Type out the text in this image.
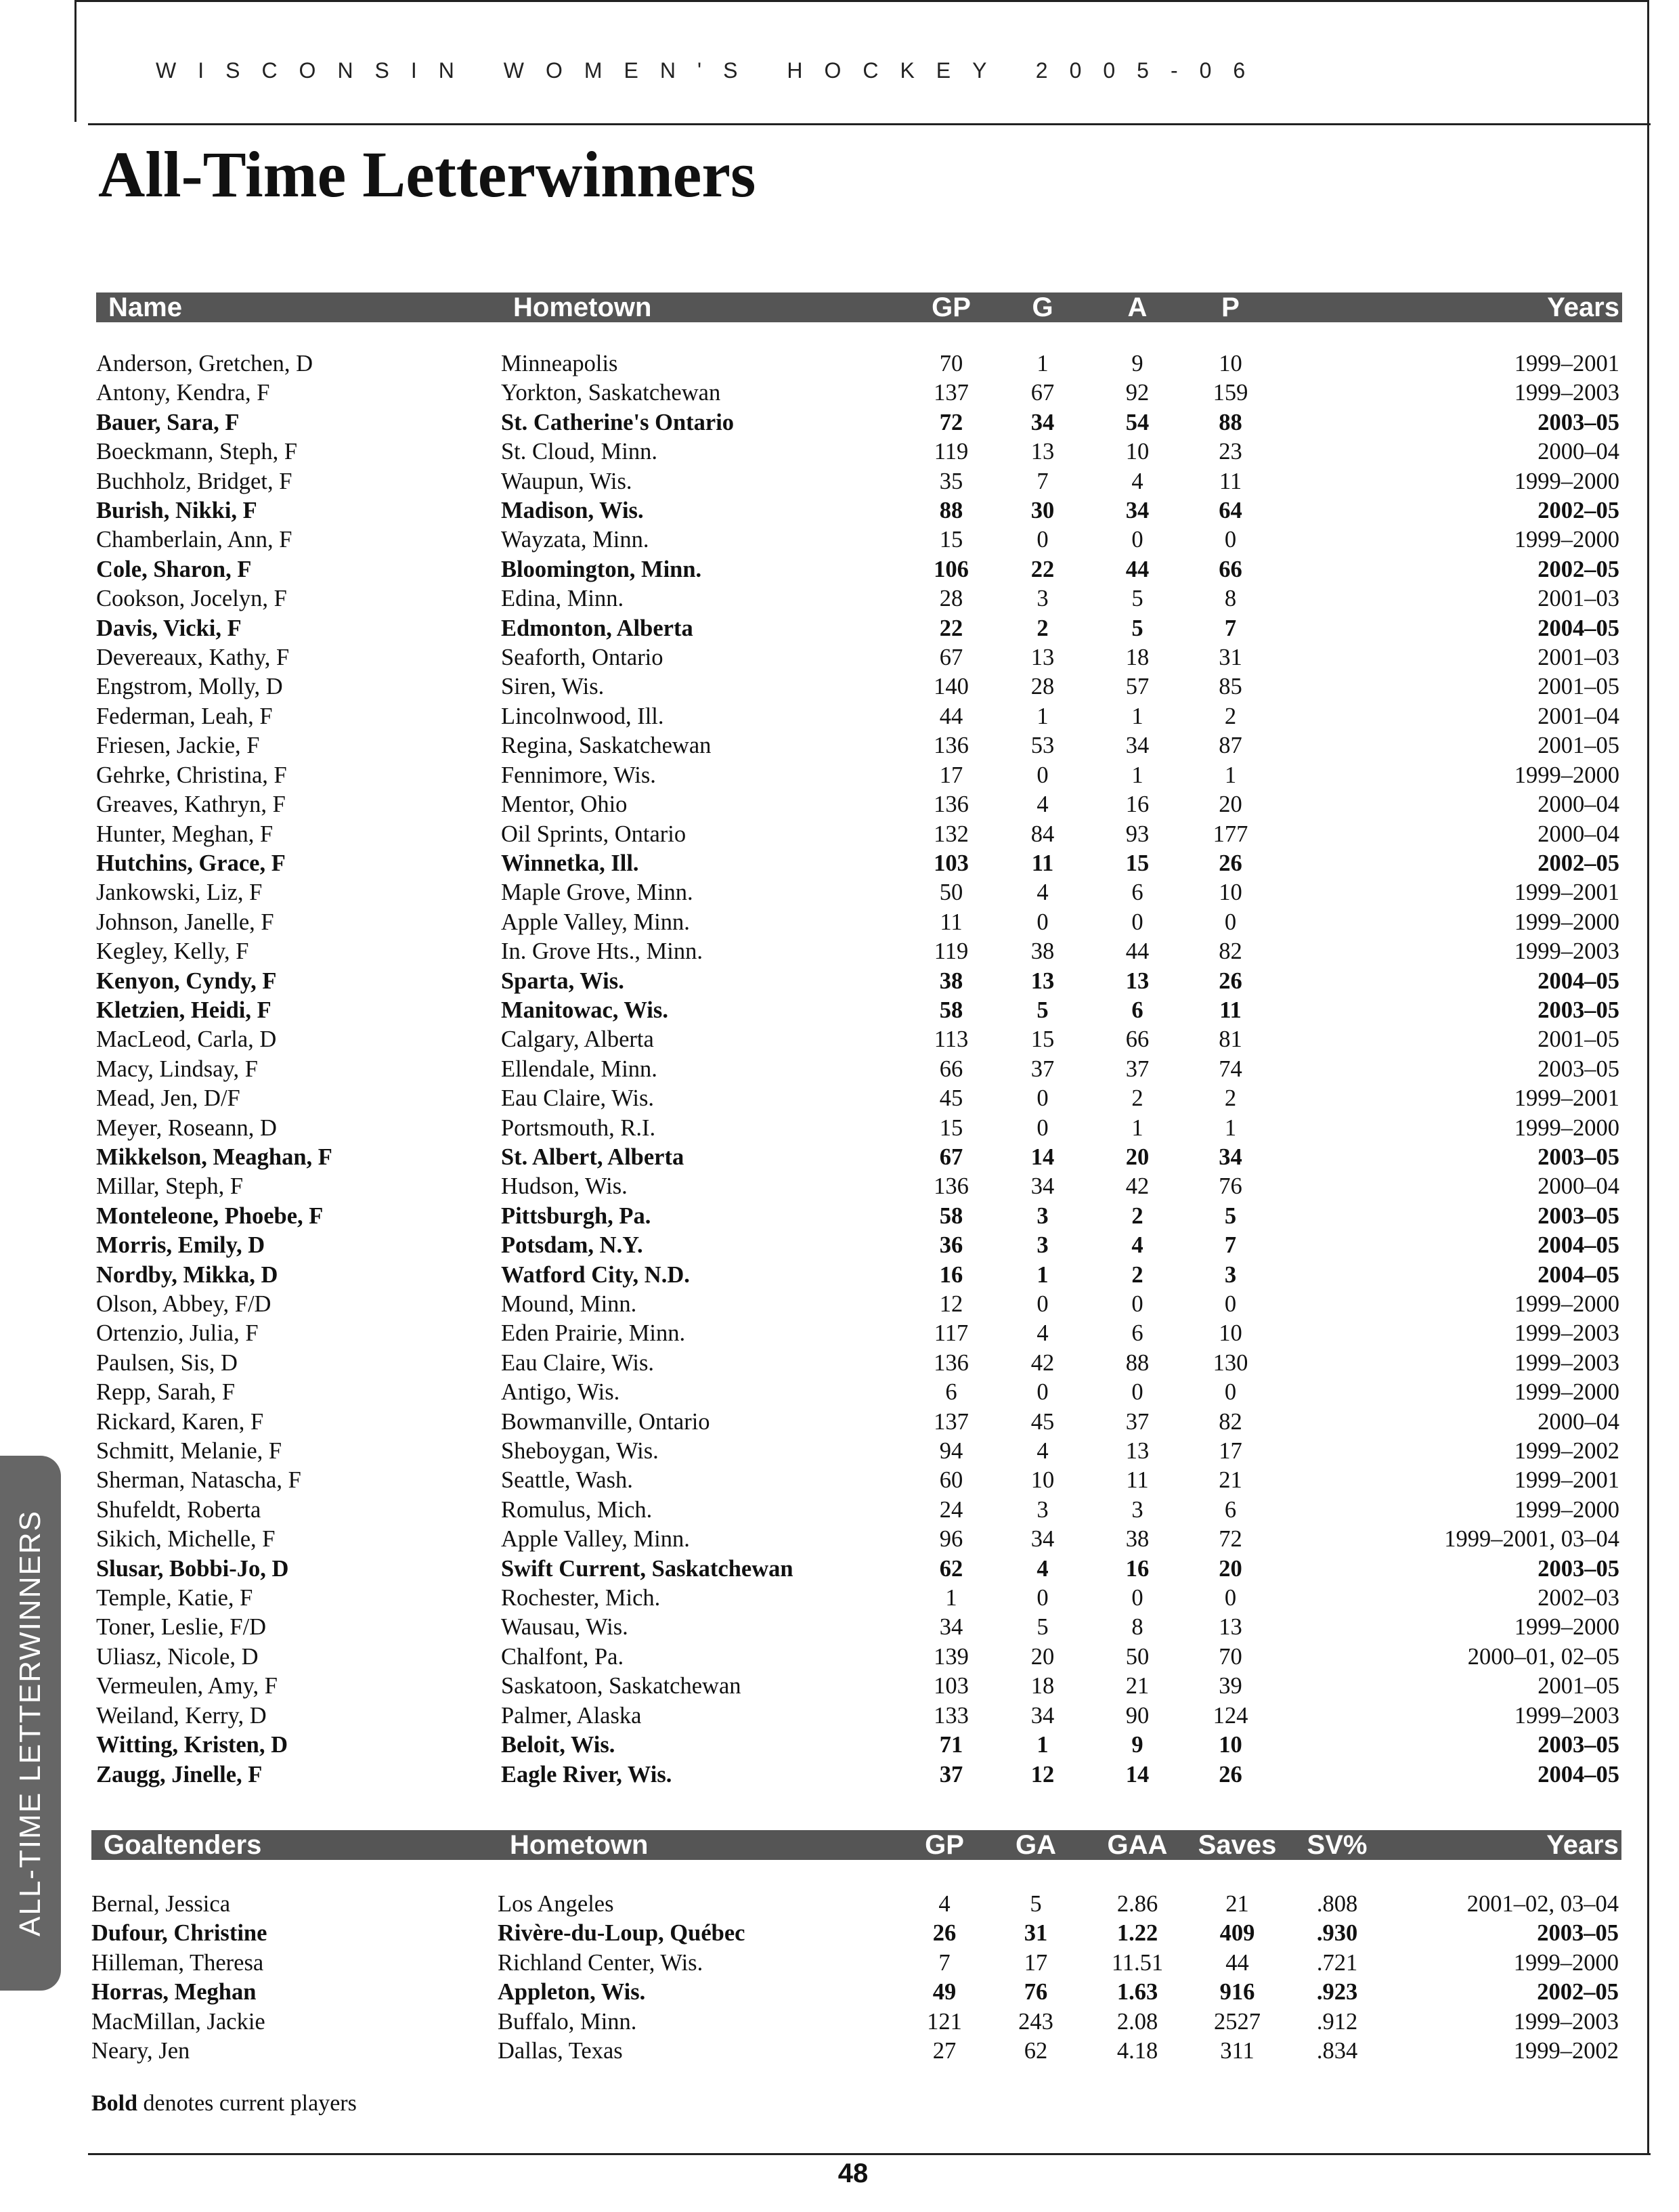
WISCONSIN WOMEN'S HOCKEY 2005-06
All-Time Letterwinners
Name	Hometown	GP	G	A	P	Years

Anderson, Gretchen, D	Minneapolis	70	1	9	10	1999–2001
Antony, Kendra, F	Yorkton, Saskatchewan	137	67	92	159	1999–2003
Bauer, Sara, F	St. Catherine's Ontario	72	34	54	88	2003–05
Boeckmann, Steph, F	St. Cloud, Minn.	119	13	10	23	2000–04
Buchholz, Bridget, F	Waupun, Wis.	35	7	4	11	1999–2000
Burish, Nikki, F	Madison, Wis.	88	30	34	64	2002–05
Chamberlain, Ann, F	Wayzata, Minn.	15	0	0	0	1999–2000
Cole, Sharon, F	Bloomington, Minn.	106	22	44	66	2002–05
Cookson, Jocelyn, F	Edina, Minn.	28	3	5	8	2001–03
Davis, Vicki, F	Edmonton, Alberta	22	2	5	7	2004–05
Devereaux, Kathy, F	Seaforth, Ontario	67	13	18	31	2001–03
Engstrom, Molly, D	Siren, Wis.	140	28	57	85	2001–05
Federman, Leah, F	Lincolnwood, Ill.	44	1	1	2	2001–04
Friesen, Jackie, F	Regina, Saskatchewan	136	53	34	87	2001–05
Gehrke, Christina, F	Fennimore, Wis.	17	0	1	1	1999–2000
Greaves, Kathryn, F	Mentor, Ohio	136	4	16	20	2000–04
Hunter, Meghan, F	Oil Sprints, Ontario	132	84	93	177	2000–04
Hutchins, Grace, F	Winnetka, Ill.	103	11	15	26	2002–05
Jankowski, Liz, F	Maple Grove, Minn.	50	4	6	10	1999–2001
Johnson, Janelle, F	Apple Valley, Minn.	11	0	0	0	1999–2000
Kegley, Kelly, F	In. Grove Hts., Minn.	119	38	44	82	1999–2003
Kenyon, Cyndy, F	Sparta, Wis.	38	13	13	26	2004–05
Kletzien, Heidi, F	Manitowac, Wis.	58	5	6	11	2003–05
MacLeod, Carla, D	Calgary, Alberta	113	15	66	81	2001–05
Macy, Lindsay, F	Ellendale, Minn.	66	37	37	74	2003–05
Mead, Jen, D/F	Eau Claire, Wis.	45	0	2	2	1999–2001
Meyer, Roseann, D	Portsmouth, R.I.	15	0	1	1	1999–2000
Mikkelson, Meaghan, F	St. Albert, Alberta	67	14	20	34	2003–05
Millar, Steph, F	Hudson, Wis.	136	34	42	76	2000–04
Monteleone, Phoebe, F	Pittsburgh, Pa.	58	3	2	5	2003–05
Morris, Emily, D	Potsdam, N.Y.	36	3	4	7	2004–05
Nordby, Mikka, D	Watford City, N.D.	16	1	2	3	2004–05
Olson, Abbey, F/D	Mound, Minn.	12	0	0	0	1999–2000
Ortenzio, Julia, F	Eden Prairie, Minn.	117	4	6	10	1999–2003
Paulsen, Sis, D	Eau Claire, Wis.	136	42	88	130	1999–2003
Repp, Sarah, F	Antigo, Wis.	6	0	0	0	1999–2000
Rickard, Karen, F	Bowmanville, Ontario	137	45	37	82	2000–04
Schmitt, Melanie, F	Sheboygan, Wis.	94	4	13	17	1999–2002
Sherman, Natascha, F	Seattle, Wash.	60	10	11	21	1999–2001
Shufeldt, Roberta	Romulus, Mich.	24	3	3	6	1999–2000
Sikich, Michelle, F	Apple Valley, Minn.	96	34	38	72	1999–2001, 03–04
Slusar, Bobbi-Jo, D	Swift Current, Saskatchewan	62	4	16	20	2003–05
Temple, Katie, F	Rochester, Mich.	1	0	0	0	2002–03
Toner, Leslie, F/D	Wausau, Wis.	34	5	8	13	1999–2000
Uliasz, Nicole, D	Chalfont, Pa.	139	20	50	70	2000–01, 02–05
Vermeulen, Amy, F	Saskatoon, Saskatchewan	103	18	21	39	2001–05
Weiland, Kerry, D	Palmer, Alaska	133	34	90	124	1999–2003
Witting, Kristen, D	Beloit, Wis.	71	1	9	10	2003–05
Zaugg, Jinelle, F	Eagle River, Wis.	37	12	14	26	2004–05
Goaltenders	Hometown	GP	GA	GAA	Saves	SV%	Years

Bernal, Jessica	Los Angeles	4	5	2.86	21	.808	2001–02, 03–04
Dufour, Christine	Rivère-du-Loup, Québec	26	31	1.22	409	.930	2003–05
Hilleman, Theresa	Richland Center, Wis.	7	17	11.51	44	.721	1999–2000
Horras, Meghan	Appleton, Wis.	49	76	1.63	916	.923	2002–05
MacMillan, Jackie	Buffalo, Minn.	121	243	2.08	2527	.912	1999–2003
Neary, Jen	Dallas, Texas	27	62	4.18	311	.834	1999–2002
Bold denotes current players
48
ALL-TIME LETTERWINNERS
